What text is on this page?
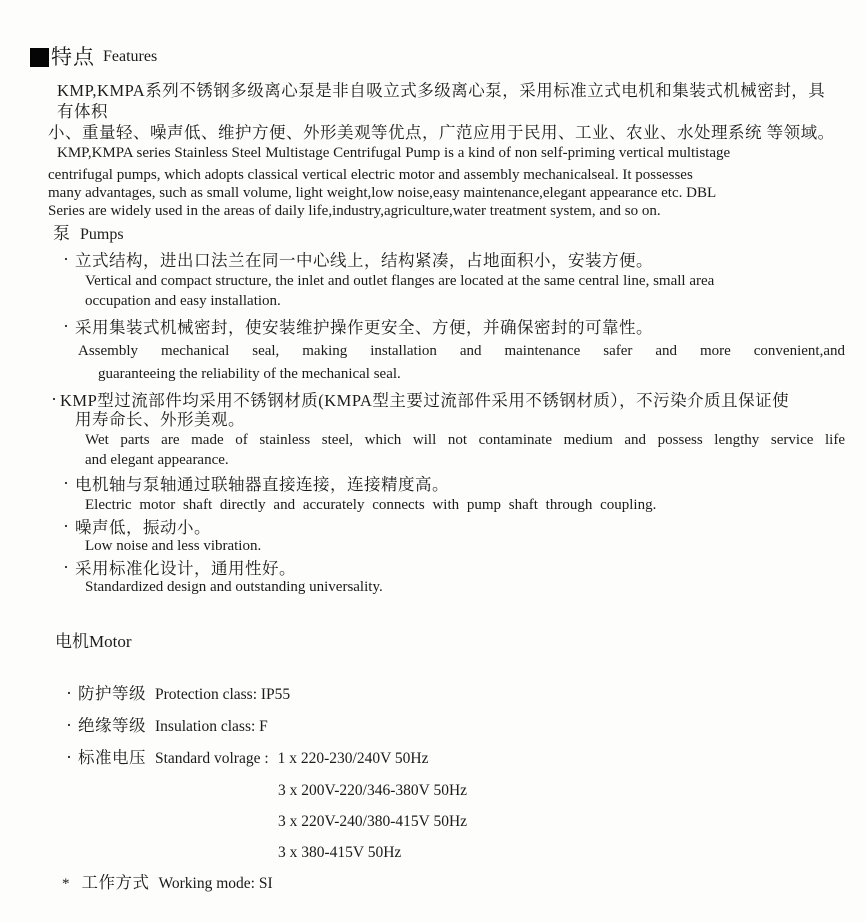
特点 Features
KMP,KMPA系列不锈钢多级离心泵是非自吸立式多级离心泵，采用标准立式电机和集装式机械密封，具 有体积
小、重量轻、噪声低、维护方便、外形美观等优点，广范应用于民用、工业、农业、水处理系统 等领域。
KMP,KMPA series Stainless Steel Multistage Centrifugal Pump is a kind of non self-priming vertical multistage
centrifugal pumps, which adopts classical vertical electric motor and assembly mechanicalseal. It possesses
many advantages, such as small volume, light weight,low noise,easy maintenance,elegant appearance etc. DBL
Series are widely used in the areas of daily life,industry,agriculture,water treatment system, and so on.
泵 Pumps
· 立式结构，进出口法兰在同一中心线上，结构紧凑，占地面积小，安装方便。
Vertical and compact structure, the inlet and outlet flanges are located at the same central line, small area
occupation and easy installation.
· 采用集装式机械密封，使安装维护操作更安全、方便，并确保密封的可靠性。
Assembly mechanical seal, making installation and maintenance safer and more convenient,and
guaranteeing the reliability of the mechanical seal.
· KMP型过流部件均采用不锈钢材质(KMPA型主要过流部件采用不锈钢材质），不污染介质且保证使
用寿命长、外形美观。
Wet parts are made of stainless steel, which will not contaminate medium and possess lengthy service life
and elegant appearance.
· 电机轴与泵轴通过联轴器直接连接，连接精度高。
Electric motor shaft directly and accurately connects with pump shaft through coupling.
· 噪声低，振动小。
Low noise and less vibration.
· 采用标准化设计，通用性好。
Standardized design and outstanding universality.
电机Motor
· 防护等级 Protection class: IP55
· 绝缘等级 Insulation class: F
· 标准电压 Standard volrage : 1 x 220-230/240V 50Hz
3 x 200V-220/346-380V 50Hz
3 x 220V-240/380-415V 50Hz
3 x 380-415V 50Hz
* 工作方式 Working mode: SI
